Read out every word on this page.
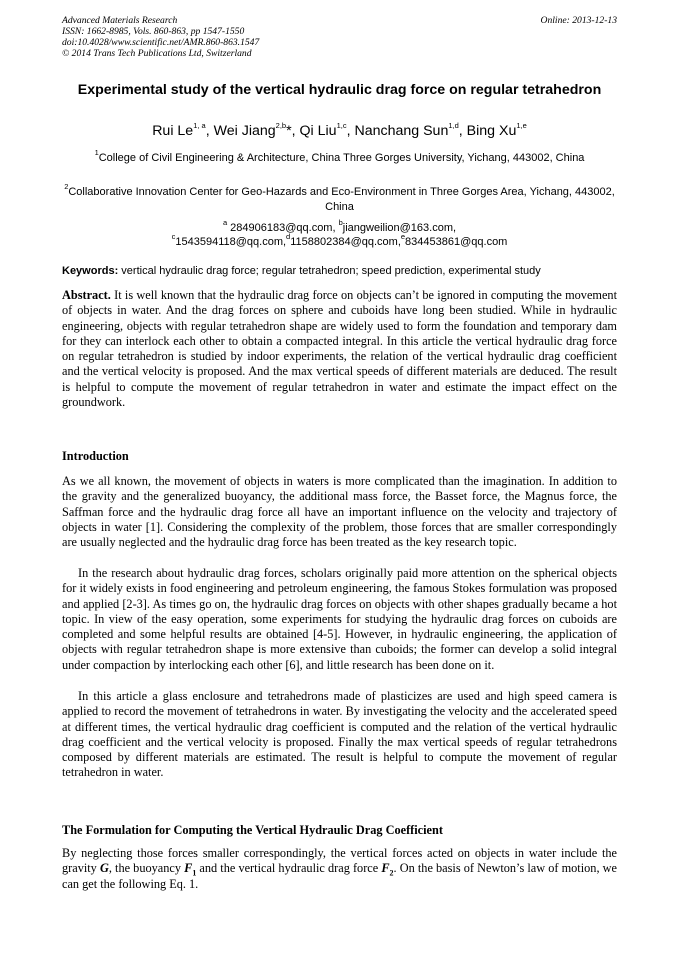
Advanced Materials Research
ISSN: 1662-8985, Vols. 860-863, pp 1547-1550
doi:10.4028/www.scientific.net/AMR.860-863.1547
© 2014 Trans Tech Publications Ltd, Switzerland
Online: 2013-12-13
Experimental study of the vertical hydraulic drag force on regular tetrahedron
Rui Le$^{1, a}$, Wei Jiang$^{2,b}$*, Qi Liu$^{1,c}$, Nanchang Sun$^{1,d}$, Bing Xu$^{1,e}$
$^1$College of Civil Engineering & Architecture, China Three Gorges University, Yichang, 443002, China
$^2$Collaborative Innovation Center for Geo-Hazards and Eco-Environment in Three Gorges Area, Yichang, 443002, China
$^a$ 284906183@qq.com, $^b$jiangweilion@163.com,
$^c$1543594118@qq.com,$^d$1158802384@qq.com,$^e$834453861@qq.com
Keywords: vertical hydraulic drag force; regular tetrahedron; speed prediction, experimental study
Abstract. It is well known that the hydraulic drag force on objects can’t be ignored in computing the movement of objects in water. And the drag forces on sphere and cuboids have long been studied. While in hydraulic engineering, objects with regular tetrahedron shape are widely used to form the foundation and temporary dam for they can interlock each other to obtain a compacted integral. In this article the vertical hydraulic drag force on regular tetrahedron is studied by indoor experiments, the relation of the vertical hydraulic drag coefficient and the vertical velocity is proposed. And the max vertical speeds of different materials are deduced. The result is helpful to compute the movement of regular tetrahedron in water and estimate the impact effect on the groundwork.
Introduction
As we all known, the movement of objects in waters is more complicated than the imagination. In addition to the gravity and the generalized buoyancy, the additional mass force, the Basset force, the Magnus force, the Saffman force and the hydraulic drag force all have an important influence on the velocity and trajectory of objects in water [1]. Considering the complexity of the problem, those forces that are smaller correspondingly are usually neglected and the hydraulic drag force has been treated as the key research topic.
In the research about hydraulic drag forces, scholars originally paid more attention on the spherical objects for it widely exists in food engineering and petroleum engineering, the famous Stokes formulation was proposed and applied [2-3]. As times go on, the hydraulic drag forces on objects with other shapes gradually became a hot topic. In view of the easy operation, some experiments for studying the hydraulic drag forces on cuboids are completed and some helpful results are obtained [4-5]. However, in hydraulic engineering, the application of objects with regular tetrahedron shape is more extensive than cuboids; the former can develop a solid integral under compaction by interlocking each other [6], and little research has been done on it.
In this article a glass enclosure and tetrahedrons made of plasticizes are used and high speed camera is applied to record the movement of tetrahedrons in water. By investigating the velocity and the accelerated speed at different times, the vertical hydraulic drag coefficient is computed and the relation of the vertical hydraulic drag coefficient and the vertical velocity is proposed. Finally the max vertical speeds of regular tetrahedrons composed by different materials are estimated. The result is helpful to compute the movement of regular tetrahedron in water.
The Formulation for Computing the Vertical Hydraulic Drag Coefficient
By neglecting those forces smaller correspondingly, the vertical forces acted on objects in water include the gravity G, the buoyancy $F_1$ and the vertical hydraulic drag force $F_2$. On the basis of Newton’s law of motion, we can get the following Eq. 1.
